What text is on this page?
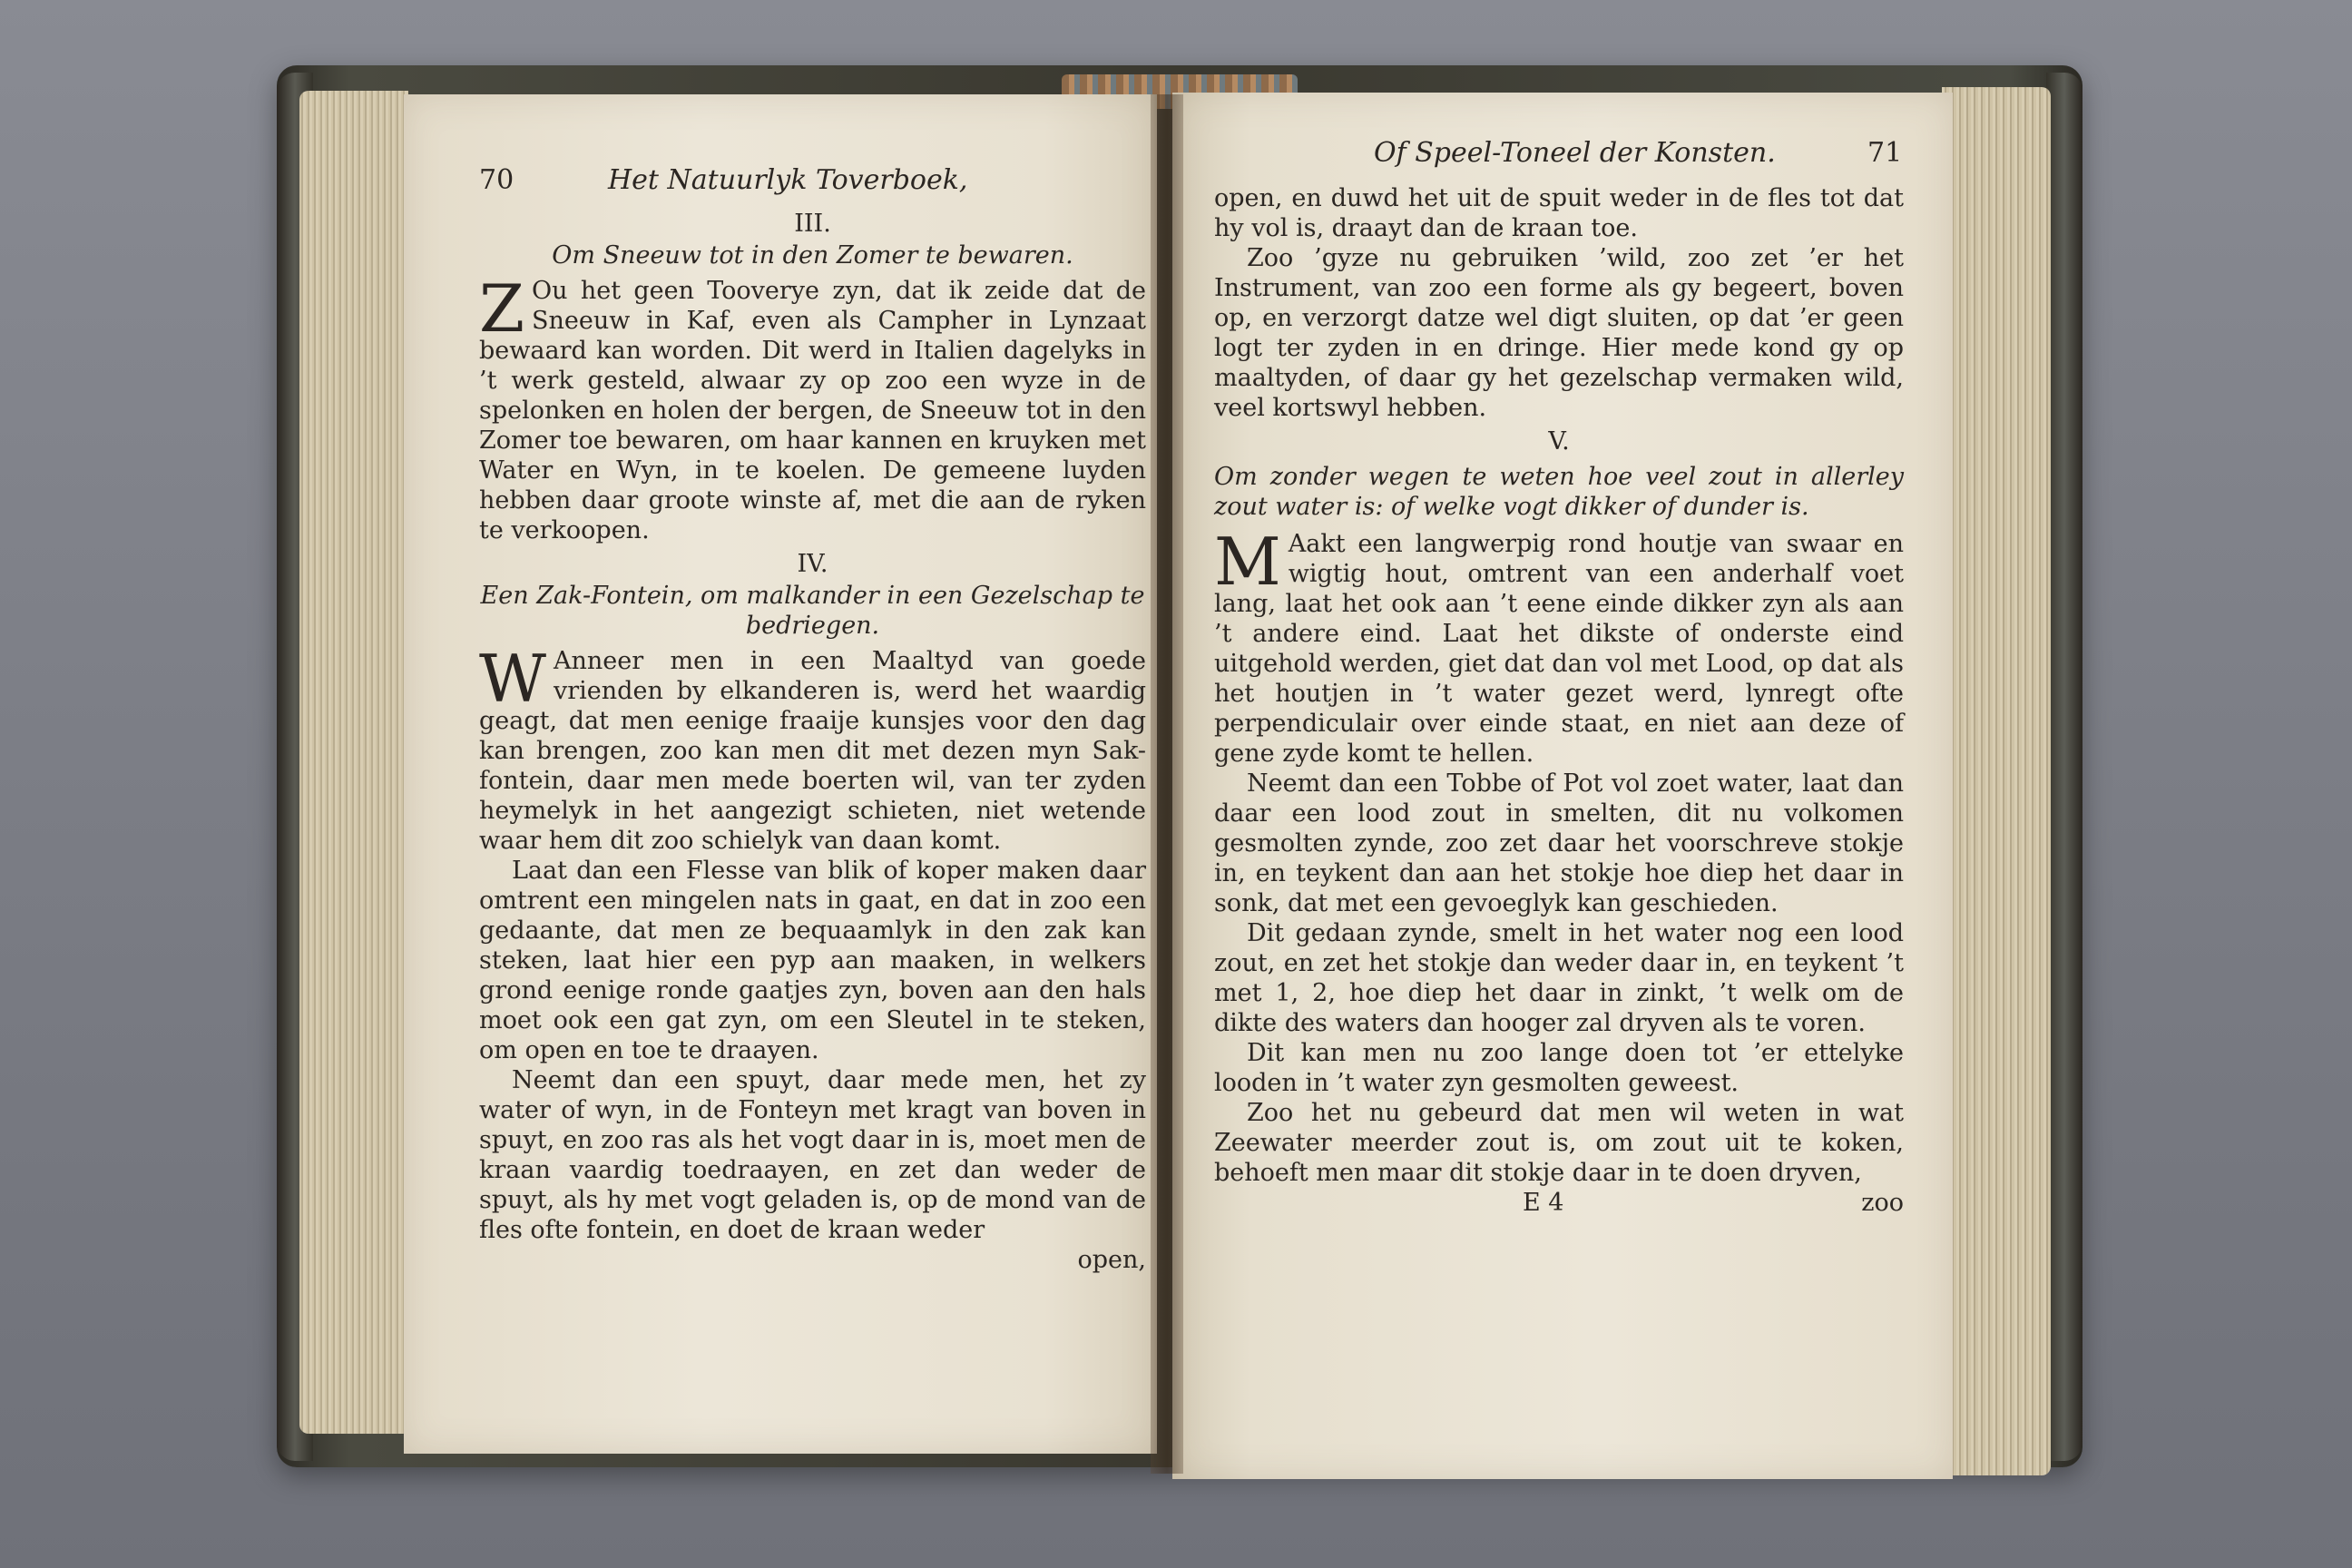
70	Het Natuurlyk Toverboek,
III.
Om Sneeuw tot in den Zomer te bewaren.

Z Ou het geen Tooverye zyn, dat ik zeide dat de Sneeuw in Kaf, even als Campher in Lynzaat bewaard kan worden. Dit werd in Italien dagelyks in ’t werk gesteld, alwaar zy op zoo een wyze in de spelonken en holen der bergen, de Sneeuw tot in den Zomer toe bewaren, om haar kannen en kruyken met Water en Wyn, in te koelen. De gemeene luyden hebben daar groote winste af, met die aan de ryken te verkoopen.

IV.
Een Zak-Fontein, om malkander in een Gezelschap te bedriegen.

W Anneer men in een Maaltyd van goede vrienden by elkanderen is, werd het waardig geagt, dat men eenige fraaije kunsjes voor den dag kan brengen, zoo kan men dit met dezen myn Sak-fontein, daar men mede boerten wil, van ter zyden heymelyk in het aangezigt schieten, niet wetende waar hem dit zoo schielyk van daan komt.

Laat dan een Flesse van blik of koper maken daar omtrent een mingelen nats in gaat, en dat in zoo een gedaante, dat men ze bequaamlyk in den zak kan steken, laat hier een pyp aan maaken, in welkers grond eenige ronde gaatjes zyn, boven aan den hals moet ook een gat zyn, om een Sleutel in te steken, om open en toe te draayen.

Neemt dan een spuyt, daar mede men, het zy water of wyn, in de Fonteyn met kragt van boven in spuyt, en zoo ras als het vogt daar in is, moet men de kraan vaardig toedraayen, en zet dan weder de spuyt, als hy met vogt geladen is, op de mond van de fles ofte fontein, en doet de kraan weder

open,
Of Speel-Toneel der Konsten.	71

open, en duwd het uit de spuit weder in de fles tot dat hy vol is, draayt dan de kraan toe.

Zoo ’gyze nu gebruiken ’wild, zoo zet ’er het Instrument, van zoo een forme als gy begeert, boven op, en verzorgt datze wel digt sluiten, op dat ’er geen logt ter zyden in en dringe. Hier mede kond gy op maaltyden, of daar gy het gezelschap vermaken wild, veel kortswyl hebben.

V.
Om zonder wegen te weten hoe veel zout in allerley zout water is: of welke vogt dikker of dunder is.

M Aakt een langwerpig rond houtje van swaar en wigtig hout, omtrent van een anderhalf voet lang, laat het ook aan ’t eene einde dikker zyn als aan ’t andere eind. Laat het dikste of onderste eind uitgehold werden, giet dat dan vol met Lood, op dat als het houtjen in ’t water gezet werd, lynregt ofte perpendiculair over einde staat, en niet aan deze of gene zyde komt te hellen.

Neemt dan een Tobbe of Pot vol zoet water, laat dan daar een lood zout in smelten, dit nu volkomen gesmolten zynde, zoo zet daar het voorschreve stokje in, en teykent dan aan het stokje hoe diep het daar in sonk, dat met een gevoeglyk kan geschieden.

Dit gedaan zynde, smelt in het water nog een lood zout, en zet het stokje dan weder daar in, en teykent ’t met 1, 2, hoe diep het daar in zinkt, ’t welk om de dikte des waters dan hooger zal dryven als te voren.

Dit kan men nu zoo lange doen tot ’er ettelyke looden in ’t water zyn gesmolten geweest.

Zoo het nu gebeurd dat men wil weten in wat Zeewater meerder zout is, om zout uit te koken, behoeft men maar dit stokje daar in te doen dryven,

E 4	zoo
